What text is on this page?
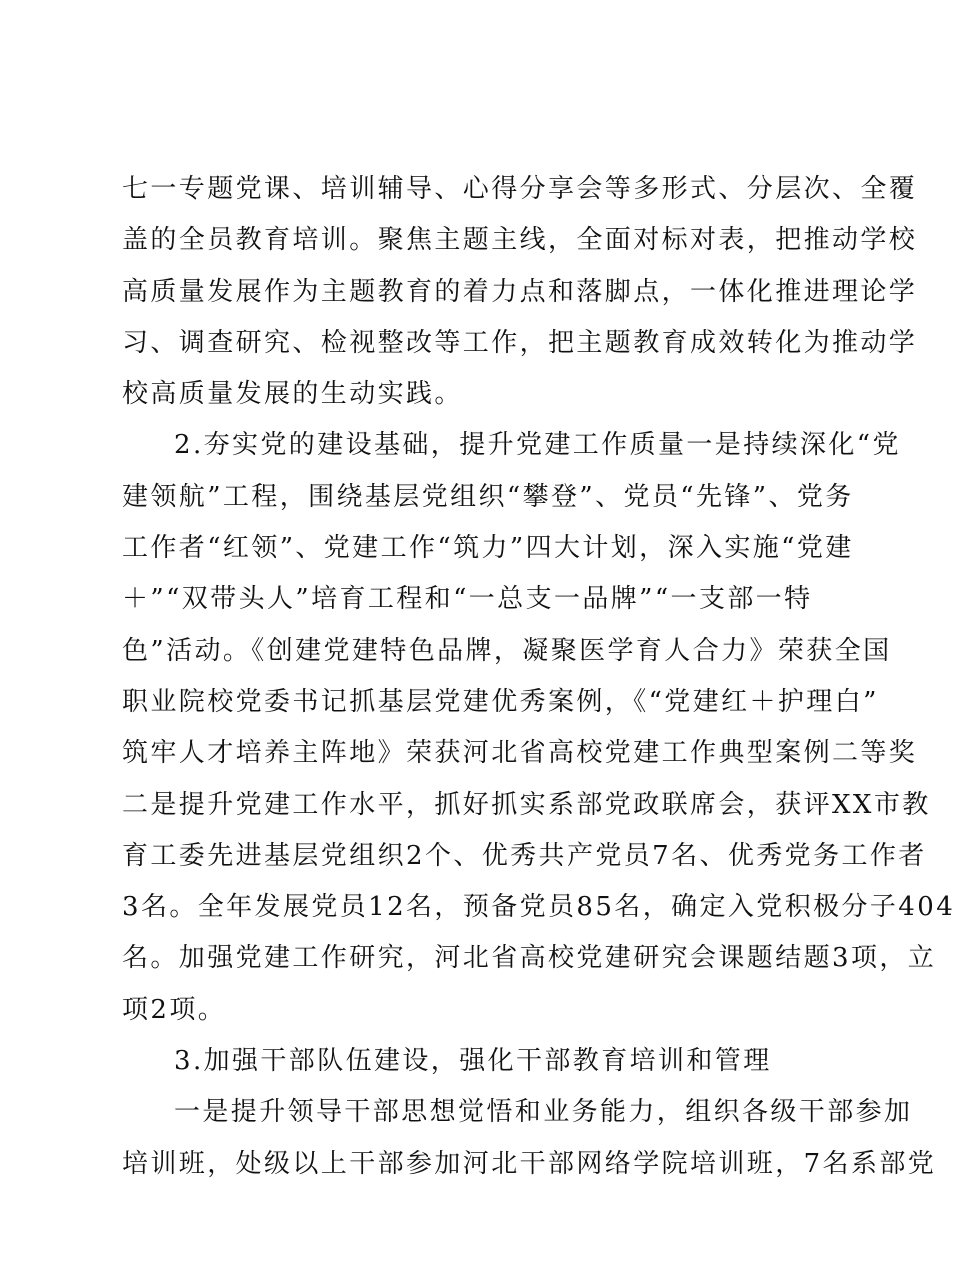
七一专题党课、培训辅导、心得分享会等多形式、分层次、全覆
盖的全员教育培训。聚焦主题主线，全面对标对表，把推动学校
高质量发展作为主题教育的着力点和落脚点，一体化推进理论学
习、调查研究、检视整改等工作，把主题教育成效转化为推动学
校高质量发展的生动实践。
2.夯实党的建设基础，提升党建工作质量一是持续深化“党
建领航”工程，围绕基层党组织“攀登”、党员“先锋”、党务
工作者“红领”、党建工作“筑力”四大计划，深入实施“党建
＋”“双带头人”培育工程和“一总支一品牌”“一支部一特
色”活动。《创建党建特色品牌，凝聚医学育人合力》荣获全国
职业院校党委书记抓基层党建优秀案例，《“党建红＋护理白”
筑牢人才培养主阵地》荣获河北省高校党建工作典型案例二等奖
二是提升党建工作水平，抓好抓实系部党政联席会，获评XX市教
育工委先进基层党组织2个、优秀共产党员7名、优秀党务工作者
3名。全年发展党员12名，预备党员85名，确定入党积极分子404
名。加强党建工作研究，河北省高校党建研究会课题结题3项，立
项2项。
3.加强干部队伍建设，强化干部教育培训和管理
一是提升领导干部思想觉悟和业务能力，组织各级干部参加
培训班，处级以上干部参加河北干部网络学院培训班，7名系部党
